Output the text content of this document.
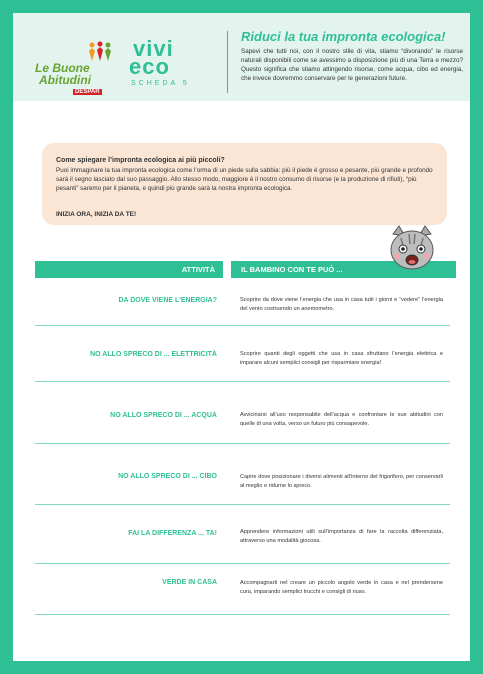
Le Buone
Abitudini
DESPAR
vivi
eco
SCHEDA 5
Riduci la tua impronta ecologica!

Sapevi che tutti noi, con il nostro stile di vita, stiamo “divorando” le risorse naturali disponibili come se avessimo a disposizione più di una Terra e mezzo? Questo significa che stiamo attingendo risorse, come acqua, cibo ed energia, che invece dovremmo conservare per le generazioni future.

Come spiegare l’impronta ecologica ai più piccoli?

Puoi immaginare la tua impronta ecologica come l’orma di un piede sulla sabbia: più il piede è grosso e pesante, più grande e profondo sarà il segno lasciato dal suo passaggio. Allo stesso modo, maggiore è il nostro consumo di risorse (e la produzione di rifiuti), “più pesanti” saremo per il pianeta, e quindi più grande sarà la nostra impronta ecologica.

INIZIA ORA, INIZIA DA TE!
ATTIVITÀ	IL BAMBINO CON TE PUÒ ...
DA DOVE VIENE L’ENERGIA?	Scoprire da dove viene l’energia che usa in casa tutti i giorni e “vedere” l’energia del vento costruendo un anemometro.

NO ALLO SPRECO DI ... ELETTRICITÀ	Scoprire quanti degli oggetti che usa in casa sfruttano l’energia elettrica e imparare alcuni semplici consigli per risparmiare energia!

NO ALLO SPRECO DI ... ACQUA	Avvicinarsi all’uso responsabile dell’acqua e confrontare le sue abitudini con quelle di una volta, verso un futuro più consapevole.

NO ALLO SPRECO DI ... CIBO	Capire dove posizionare i diversi alimenti all’interno del frigorifero, per conservarli al meglio e ridurne lo spreco.

FAI LA DIFFERENZA ... TA!	Apprendere informazioni utili sull’importanza di fare la raccolta differenziata, attraverso una modalità giocosa.

VERDE IN CASA	Accompagnarti nel creare un piccolo angolo verde in casa e nel prendersene cura, imparando semplici trucchi e consigli di riuso.
